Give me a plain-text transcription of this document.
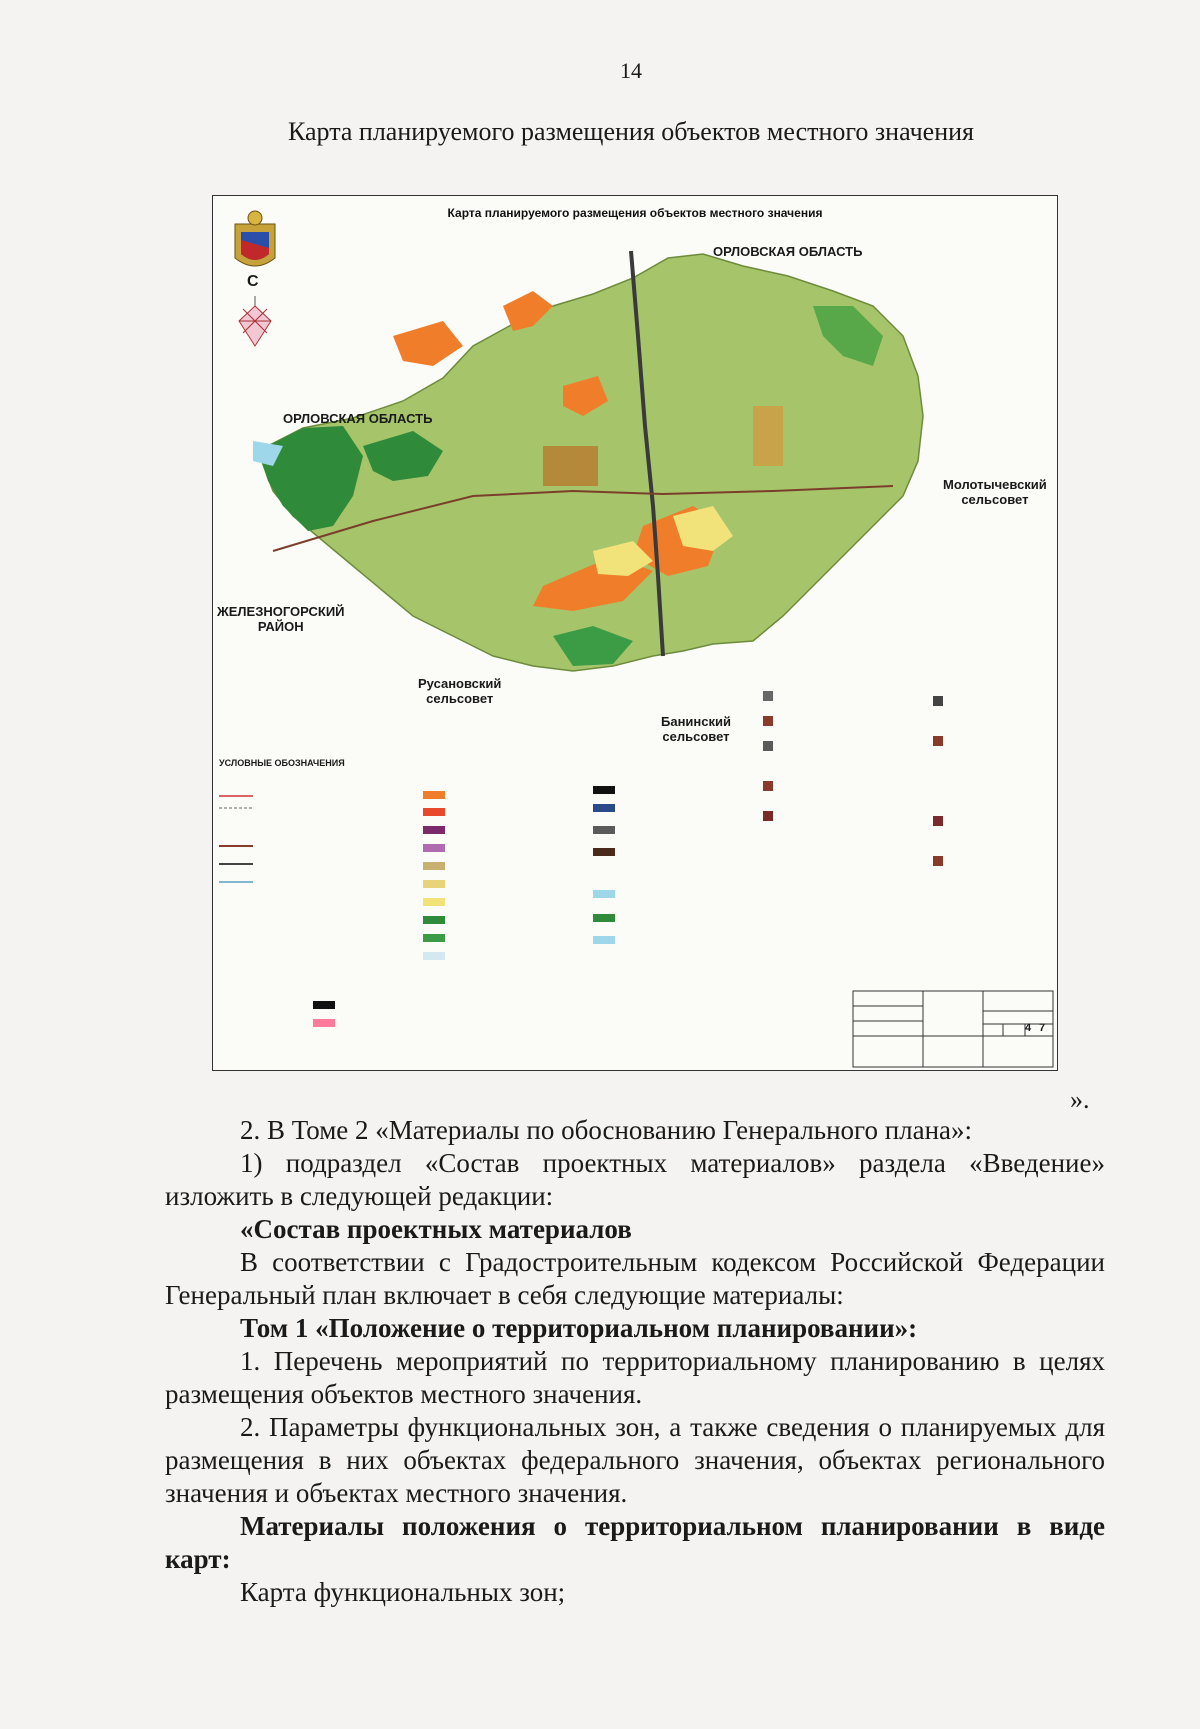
14
Карта планируемого размещения объектов местного значения
Карта планируемого размещения объектов местного значения
ОРЛОВСКАЯ ОБЛАСТЬ
ОРЛОВСКАЯ ОБЛАСТЬ
С
Молотычевский
сельсовет
ЖЕЛЕЗНОГОРСКИЙ
РАЙОН
Русановский
сельсовет
Банинский
сельсовет
УСЛОВНЫЕ ОБОЗНАЧЕНИЯ
4 7
».

2. В Томе 2 «Материалы по обоснованию Генерального плана»:

1) подраздел «Состав проектных материалов» раздела «Введение» изложить в следующей редакции:

«Состав проектных материалов

В соответствии с Градостроительным кодексом Российской Федерации Генеральный план включает в себя следующие материалы:

Том 1 «Положение о территориальном планировании»:

1. Перечень мероприятий по территориальному планированию в целях размещения объектов местного значения.

2. Параметры функциональных зон, а также сведения о планируемых для размещения в них объектах федерального значения, объектах регионального значения и объектах местного значения.

Материалы положения о территориальном планировании в виде карт:

Карта функциональных зон;
